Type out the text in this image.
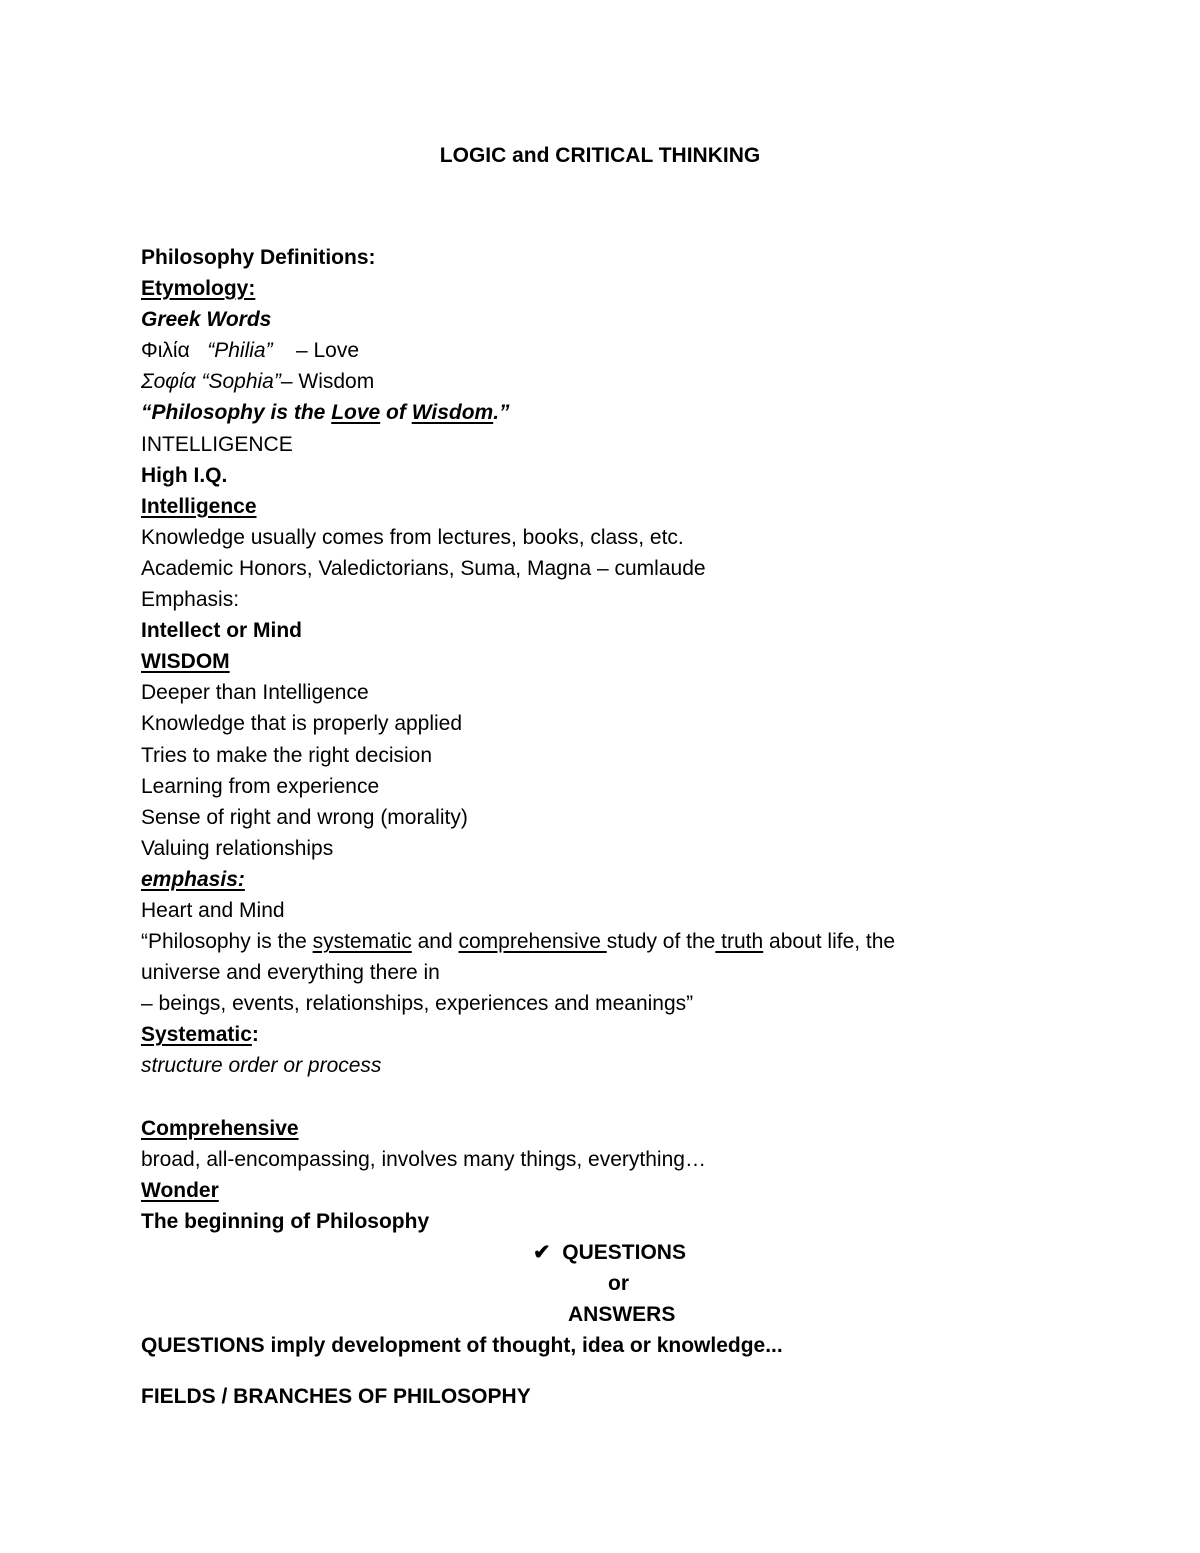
LOGIC and CRITICAL THINKING
Philosophy Definitions:
Etymology:
Greek Words
Φιλία “Philia” – Love
Σοφία “Sophia”– Wisdom
“Philosophy is the Love of Wisdom.”
INTELLIGENCE
High I.Q.
Intelligence
Knowledge usually comes from lectures, books, class, etc.
Academic Honors, Valedictorians, Suma, Magna – cumlaude
Emphasis:
Intellect or Mind
WISDOM
Deeper than Intelligence
Knowledge that is properly applied
Tries to make the right decision
Learning from experience
Sense of right and wrong (morality)
Valuing relationships
emphasis:
Heart and Mind
“Philosophy is the systematic and comprehensive study of the truth about life, the
universe and everything there in
– beings, events, relationships, experiences and meanings”
Systematic:
structure order or process
Comprehensive
broad, all-encompassing, involves many things, everything…
Wonder
The beginning of Philosophy
✔ QUESTIONS
or
ANSWERS
QUESTIONS imply development of thought, idea or knowledge...
FIELDS / BRANCHES OF PHILOSOPHY
